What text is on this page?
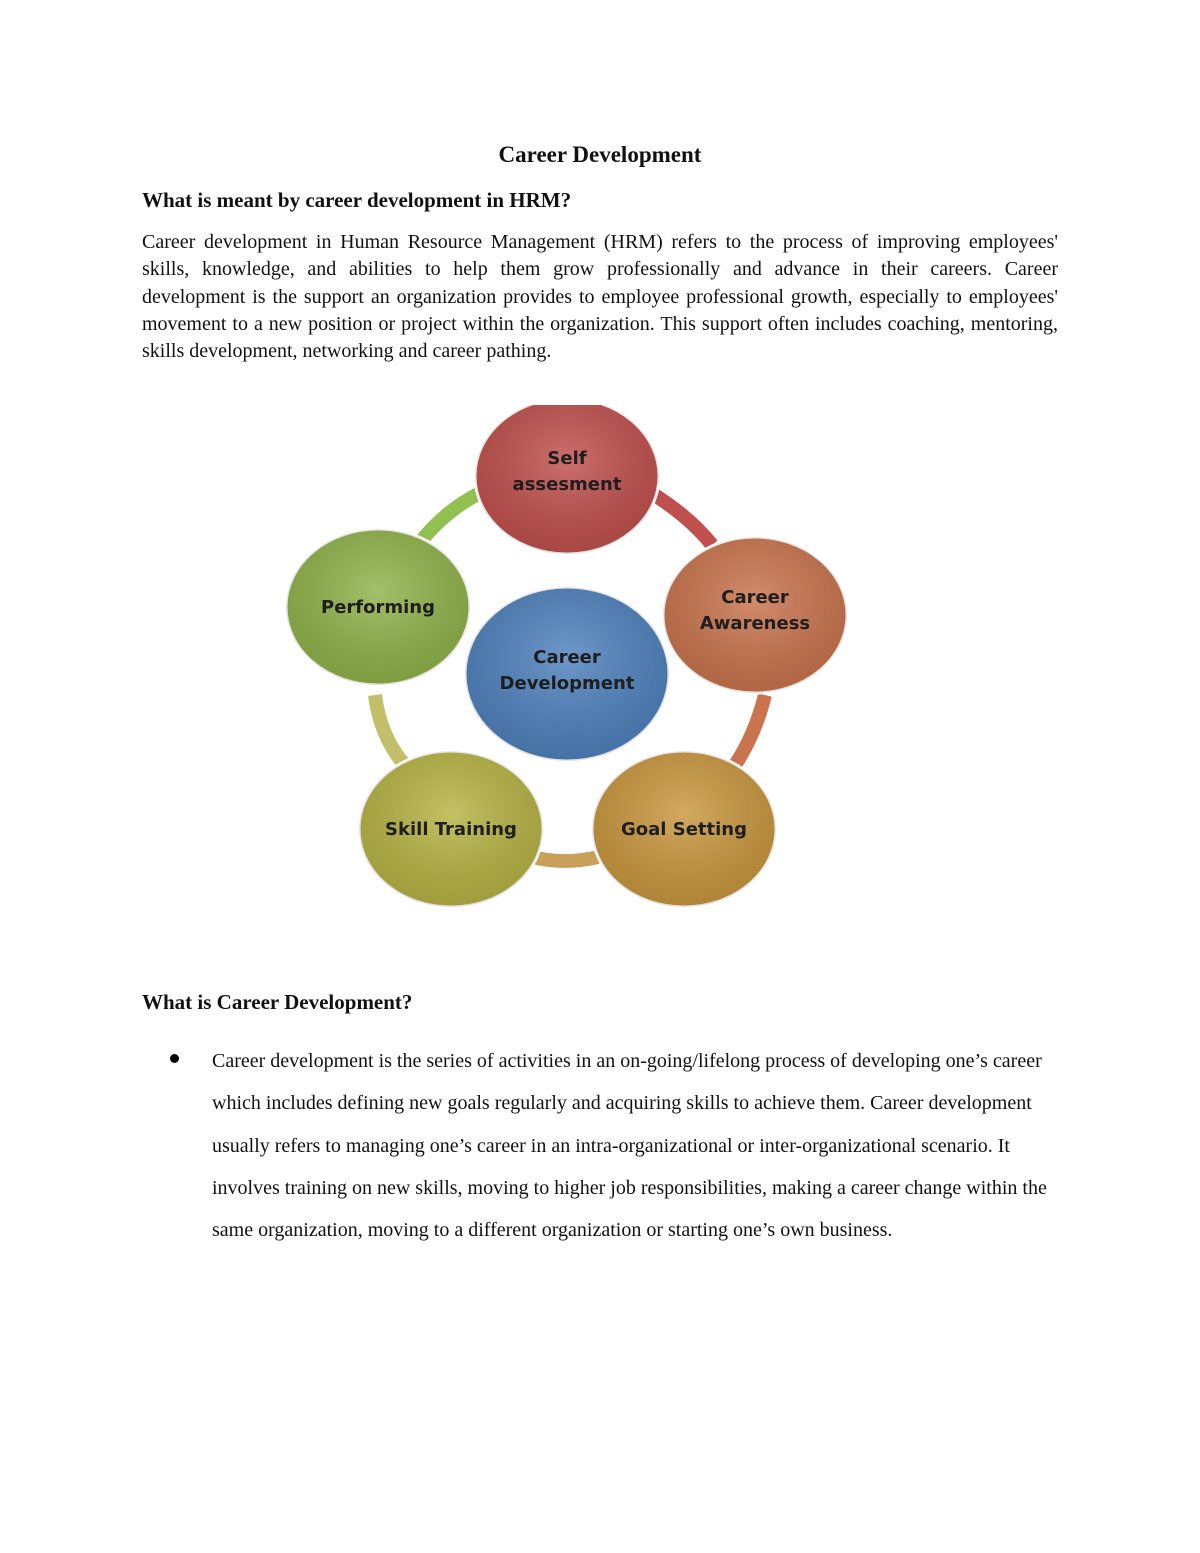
Career Development
What is meant by career development in HRM?
Career development in Human Resource Management (HRM) refers to the process of improving employees' skills, knowledge, and abilities to help them grow professionally and advance in their careers. Career development is the support an organization provides to employee professional growth, especially to employees' movement to a new position or project within the organization. This support often includes coaching, mentoring, skills development, networking and career pathing.
Career
Development
Self
assesment
Career
Awareness
Goal Setting
Skill Training
Performing
What is Career Development?
Career development is the series of activities in an on-going/lifelong process of developing one’s career which includes defining new goals regularly and acquiring skills to achieve them. Career development usually refers to managing one’s career in an intra-organizational or inter-organizational scenario. It involves training on new skills, moving to higher job responsibilities, making a career change within the same organization, moving to a different organization or starting one’s own business.
